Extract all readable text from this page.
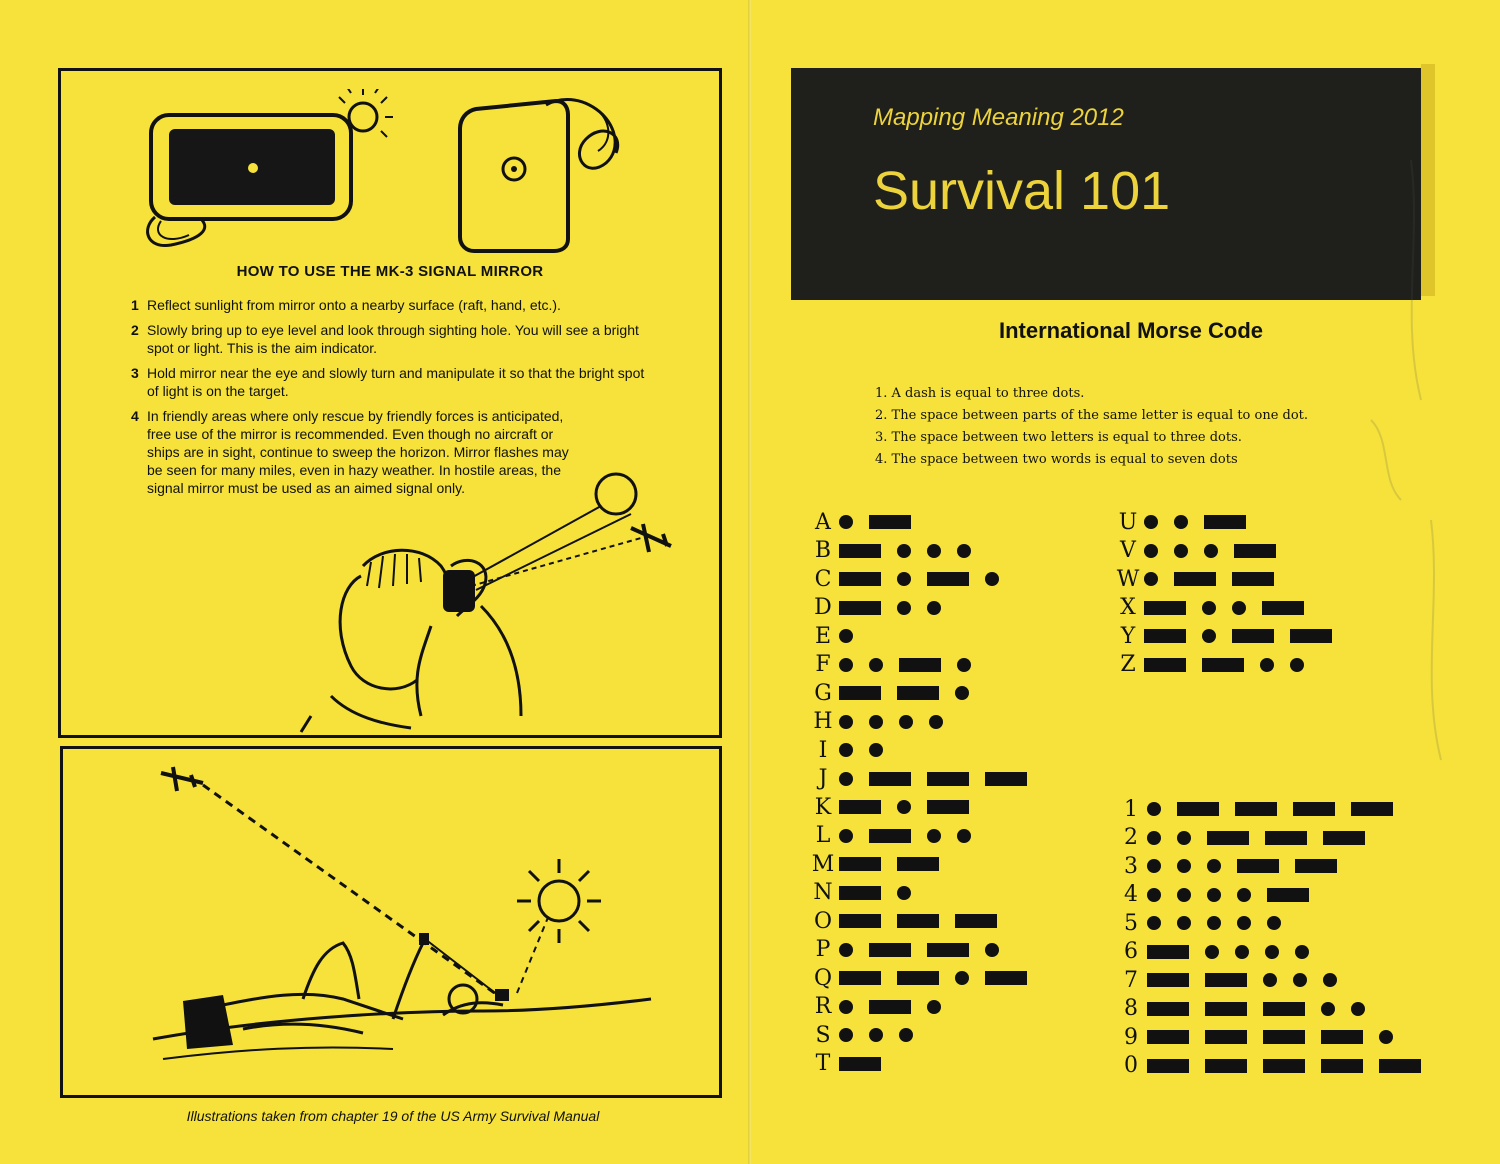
HOW TO USE THE MK-3 SIGNAL MIRROR
1 Reflect sunlight from mirror onto a nearby surface (raft, hand, etc.).
2 Slowly bring up to eye level and look through sighting hole. You will see a bright spot or light. This is the aim indicator.
3 Hold mirror near the eye and slowly turn and manipulate it so that the bright spot of light is on the target.
4 In friendly areas where only rescue by friendly forces is anticipated, free use of the mirror is recommended. Even though no aircraft or ships are in sight, continue to sweep the horizon. Mirror flashes may be seen for many miles, even in hazy weather. In hostile areas, the signal mirror must be used as an aimed signal only.
Illustrations taken from chapter 19 of the US Army Survival Manual
Mapping Meaning 2012
Survival 101
International Morse Code
1. A dash is equal to three dots.
2. The space between parts of the same letter is equal to one dot.
3. The space between two letters is equal to three dots.
4. The space between two words is equal to seven dots
A
B
C
D
E
F
G
H
I
J
K
L
M
N
O
P
Q
R
S
T
U
V
W
X
Y
Z
1
2
3
4
5
6
7
8
9
0
